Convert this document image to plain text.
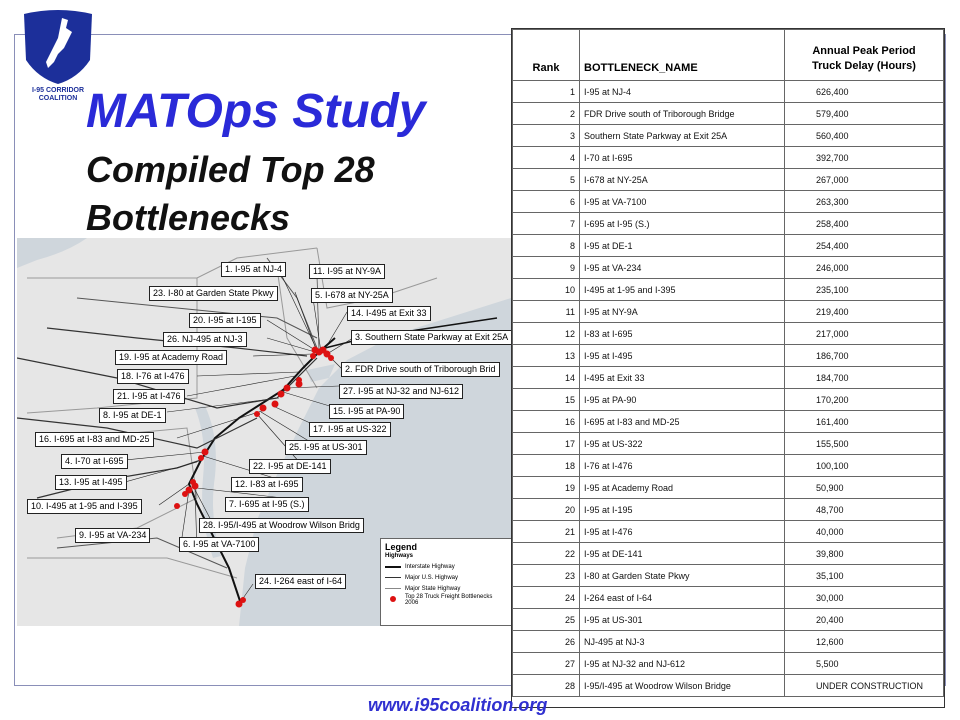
I-95 CORRIDOR
COALITION MATOps Study
Compiled Top 28 Bottlenecks
1. I-95 at NJ-4	11. I-95 at NY-9A
23. I-80 at Garden State Pkwy	5. I-678 at NY-25A
20. I-95 at I-195
14. I-495 at Exit 33
26. NJ-495 at NJ-3	3. Southern State Parkway at Exit 25A
19. I-95 at Academy Road
2. FDR Drive south of Triborough Brid
18. I-76 at I-476
27. I-95 at NJ-32 and NJ-612
21. I-95 at I-476
15. I-95 at PA-90
8. I-95 at DE-1
17. I-95 at US-322
16. I-695 at I-83 and MD-25
25. I-95 at US-301
4. I-70 at I-695	22. I-95 at DE-141
13. I-95 at I-495	12. I-83 at I-695
10. I-495 at 1-95 and I-395	7. I-695 at I-95 (S.)
28. I-95/I-495 at Woodrow Wilson Bridg
9. I-95 at VA-234
6. I-95 at VA-7100
24. I-264 east of I-64
Legend
Highways
Interstate Highway
Major U.S. Highway
Major State Highway
Top 28 Truck Freight Bottlenecks 2006
Rank	BOTTLENECK_NAME	Annual Peak Period
Truck Delay (Hours)
1	I-95 at NJ-4	626,400
2	FDR Drive south of Triborough Bridge	579,400
3	Southern State Parkway at Exit 25A	560,400
4	I-70 at I-695	392,700
5	I-678 at NY-25A	267,000
6	I-95 at VA-7100	263,300
7	I-695 at I-95 (S.)	258,400
8	I-95 at DE-1	254,400
9	I-95 at VA-234	246,000
10	I-495 at 1-95 and I-395	235,100
11	I-95 at NY-9A	219,400
12	I-83 at I-695	217,000
13	I-95 at I-495	186,700
14	I-495 at Exit 33	184,700
15	I-95 at PA-90	170,200
16	I-695 at I-83 and MD-25	161,400
17	I-95 at US-322	155,500
18	I-76 at I-476	100,100
19	I-95 at Academy Road	50,900
20	I-95 at I-195	48,700
21	I-95 at I-476	40,000
22	I-95 at DE-141	39,800
23	I-80 at Garden State Pkwy	35,100
24	I-264 east of I-64	30,000
25	I-95 at US-301	20,400
26	NJ-495 at NJ-3	12,600
27	I-95 at NJ-32 and NJ-612	5,500
28	I-95/I-495 at Woodrow Wilson Bridge	UNDER CONSTRUCTION
www.i95coalition.org
